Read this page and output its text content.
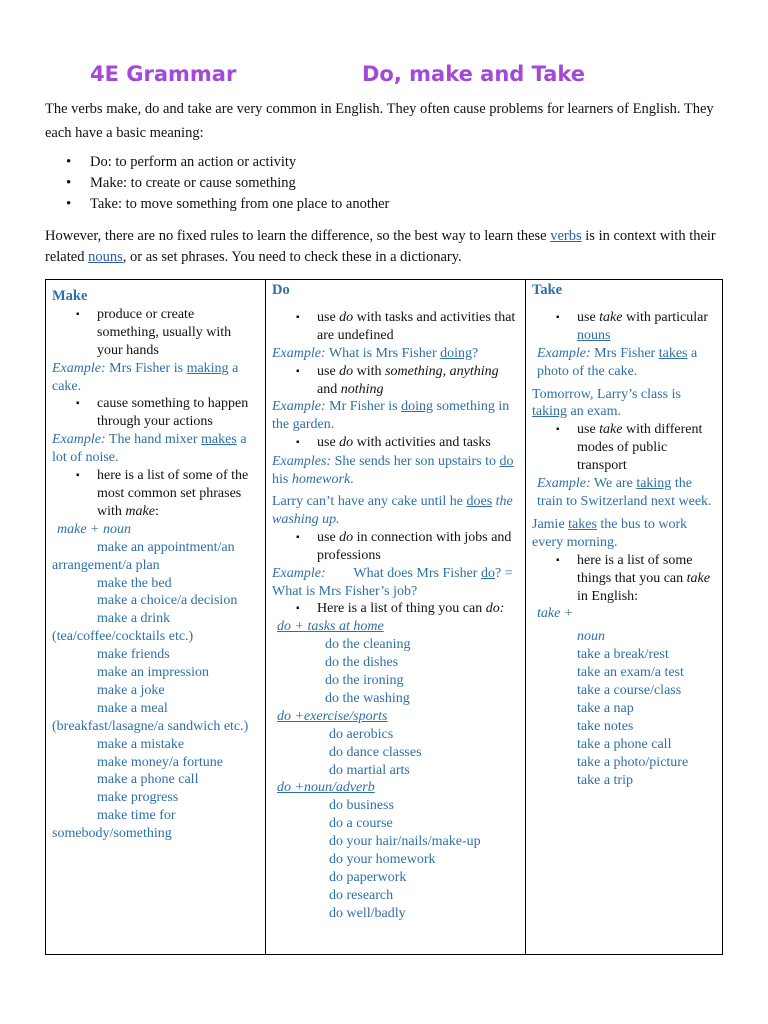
4E Grammar	Do, make and Take
The verbs make, do and take are very common in English. They often cause problems for learners of English. They each have a basic meaning:
• Do: to perform an action or activity
• Make: to create or cause something
• Take: to move something from one place to another
However, there are no fixed rules to learn the difference, so the best way to learn these verbs is in context with their related nouns, or as set phrases. You need to check these in a dictionary.
Make
▪ produce or create something, usually with your hands
Example: Mrs Fisher is making a cake.
▪ cause something to happen through your actions
Example: The hand mixer makes a lot of noise.
▪ here is a list of some of the most common set phrases with make:
make + noun
make an appointment/an arrangement/a plan
make the bed
make a choice/a decision
make a drink (tea/coffee/cocktails etc.)
make friends
make an impression
make a joke
make a meal (breakfast/lasagne/a sandwich etc.)
make a mistake
make money/a fortune
make a phone call
make progress
make time for somebody/something

Do
▪ use do with tasks and activities that are undefined
Example: What is Mrs Fisher doing?
▪ use do with something, anything and nothing
Example: Mr Fisher is doing something in the garden.
▪ use do with activities and tasks
Examples: She sends her son upstairs to do his homework.
Larry can’t have any cake until he does the washing up.
▪ use do in connection with jobs and professions
Example:        What does Mrs Fisher do? = What is Mrs Fisher’s job?
▪ Here is a list of thing you can do:
do + tasks at home
do the cleaning
do the dishes
do the ironing
do the washing
do +exercise/sports
do aerobics
do dance classes
do martial arts
do +noun/adverb
do business
do a course
do your hair/nails/make-up
do your homework
do paperwork
do research
do well/badly

Take
▪ use take with particular nouns
Example: Mrs Fisher takes a photo of the cake.
Tomorrow, Larry’s class is taking an exam.
▪ use take with different modes of public transport
Example: We are taking the train to Switzerland next week.
Jamie takes the bus to work every morning.
▪ here is a list of some things that you can take in English:
take +
noun
take a break/rest
take an exam/a test
take a course/class
take a nap
take notes
take a phone call
take a photo/picture
take a trip
